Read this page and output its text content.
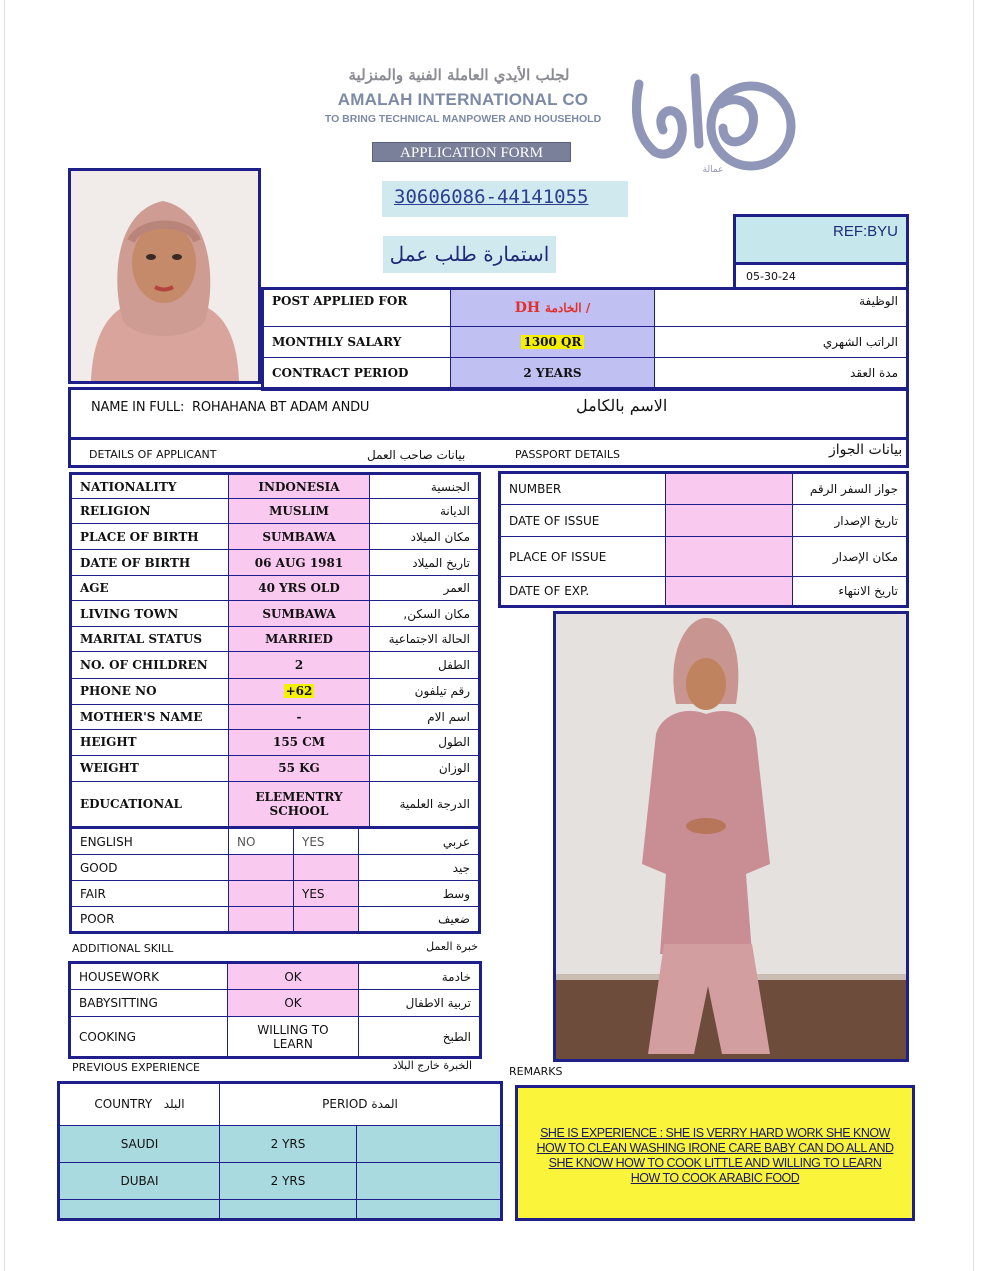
لجلب الأيدي العاملة الفنية والمنزلية
AMALAH INTERNATIONAL CO
TO BRING TECHNICAL MANPOWER AND HOUSEHOLD
APPLICATION FORM
عمالة
30606086-44141055
استمارة طلب عمل
REF:BYU
05-30-24
POST APPLIED FOR	DH الخادمة /	الوظيفة
MONTHLY SALARY	1300 QR	الراتب الشهري
CONTRACT PERIOD	2 YEARS	مدة العقد
NAME IN FULL: ROHAHANA BT ADAM ANDU	الاسم بالكامل
DETAILS OF APPLICANT	بيانات صاحب العمل	PASSPORT DETAILS	بيانات الجواز
NATIONALITY	INDONESIA	الجنسية
RELIGION	MUSLIM	الديانة
PLACE OF BIRTH	SUMBAWA	مكان الميلاد
DATE OF BIRTH	06 AUG 1981	تاريخ الميلاد
AGE	40 YRS OLD	العمر
LIVING TOWN	SUMBAWA	مكان السكن,
MARITAL STATUS	MARRIED	الحالة الاجتماعية
NO. OF CHILDREN	2	الطفل
PHONE NO	+62	رقم تيلفون
MOTHER'S NAME	-	اسم الام
HEIGHT	155 CM	الطول
WEIGHT	55 KG	الوزان
EDUCATIONAL	ELEMENTRY SCHOOL	الدرجة العلمية
ENGLISH	NO	YES	عربي
GOOD			جيد
FAIR		YES	وسط
POOR			ضعيف
NUMBER		جواز السفر الرقم
DATE OF ISSUE		تاريخ الإصدار
PLACE OF ISSUE		مكان الإصدار
DATE OF EXP.		تاريخ الانتهاء
ADDITIONAL SKILL	خبرة العمل
HOUSEWORK	OK	خادمة
BABYSITTING	OK	تربية الاطفال
COOKING	WILLING TO LEARN	الطبخ
PREVIOUS EXPERIENCE	الخبرة خارج البلاد
COUNTRY البلد	PERIOD المدة	
SAUDI	2 YRS	
DUBAI	2 YRS	

REMARKS

SHE IS EXPERIENCE : SHE IS VERRY HARD WORK SHE KNOW HOW TO CLEAN WASHING IRONE CARE BABY CAN DO ALL AND SHE KNOW HOW TO COOK LITTLE AND WILLING TO LEARN HOW TO COOK ARABIC FOOD
